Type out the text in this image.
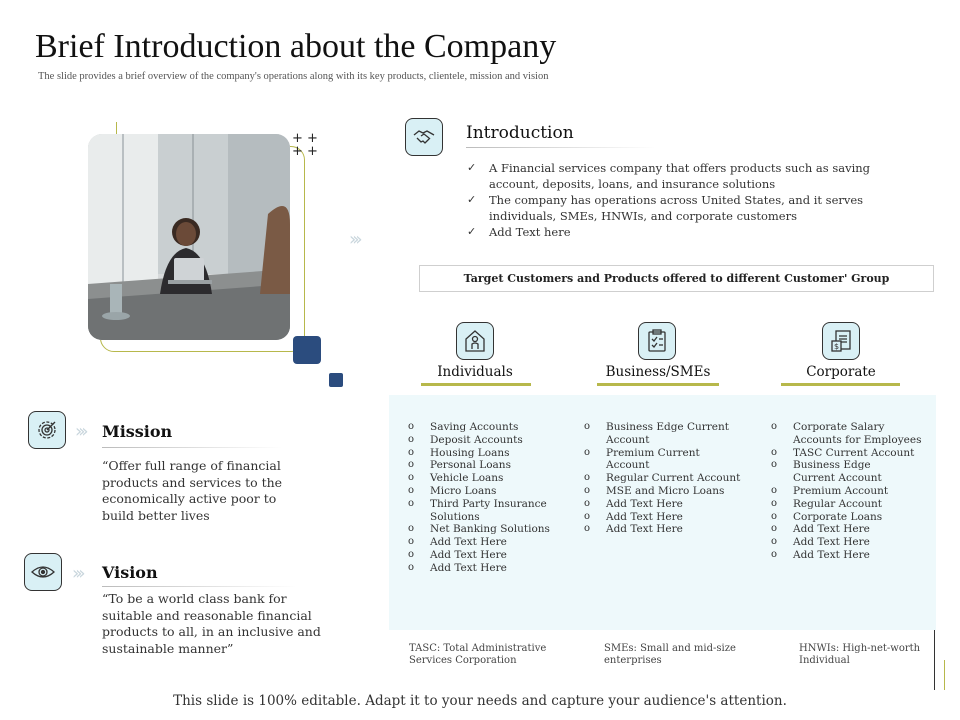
Brief Introduction about the Company
The slide provides a brief overview of the company's operations along with its key products, clientele, mission and vision
+ +
+ +
›››
Introduction
✓ A Financial services company that offers products such as saving account, deposits, loans, and insurance solutions
✓ The company has operations across United States, and it serves individuals, SMEs, HNWIs, and corporate customers
✓ Add Text here
Target Customers and Products offered to different Customer' Group
$
Individuals	Business/SMEs	Corporate
o Saving Accounts
o Deposit Accounts
o Housing Loans
o Personal Loans
o Vehicle Loans
o Micro Loans
o Third Party Insurance Solutions
o Net Banking Solutions
o Add Text Here
o Add Text Here
o Add Text Here
o Business Edge Current Account
o Premium Current Account
o Regular Current Account
o MSE and Micro Loans
o Add Text Here
o Add Text Here
o Add Text Here
o Corporate Salary Accounts for Employees
o TASC Current Account
o Business Edge Current Account
o Premium Account
o Regular Account
o Corporate Loans
o Add Text Here
o Add Text Here
o Add Text Here
TASC: Total Administrative Services Corporation
SMEs: Small and mid-size enterprises
HNWIs: High-net-worth Individual
››› Mission
“Offer full range of financial products and services to the economically active poor to build better lives
››› Vision
“To be a world class bank for suitable and reasonable financial products to all, in an inclusive and sustainable manner”
This slide is 100% editable. Adapt it to your needs and capture your audience's attention.
